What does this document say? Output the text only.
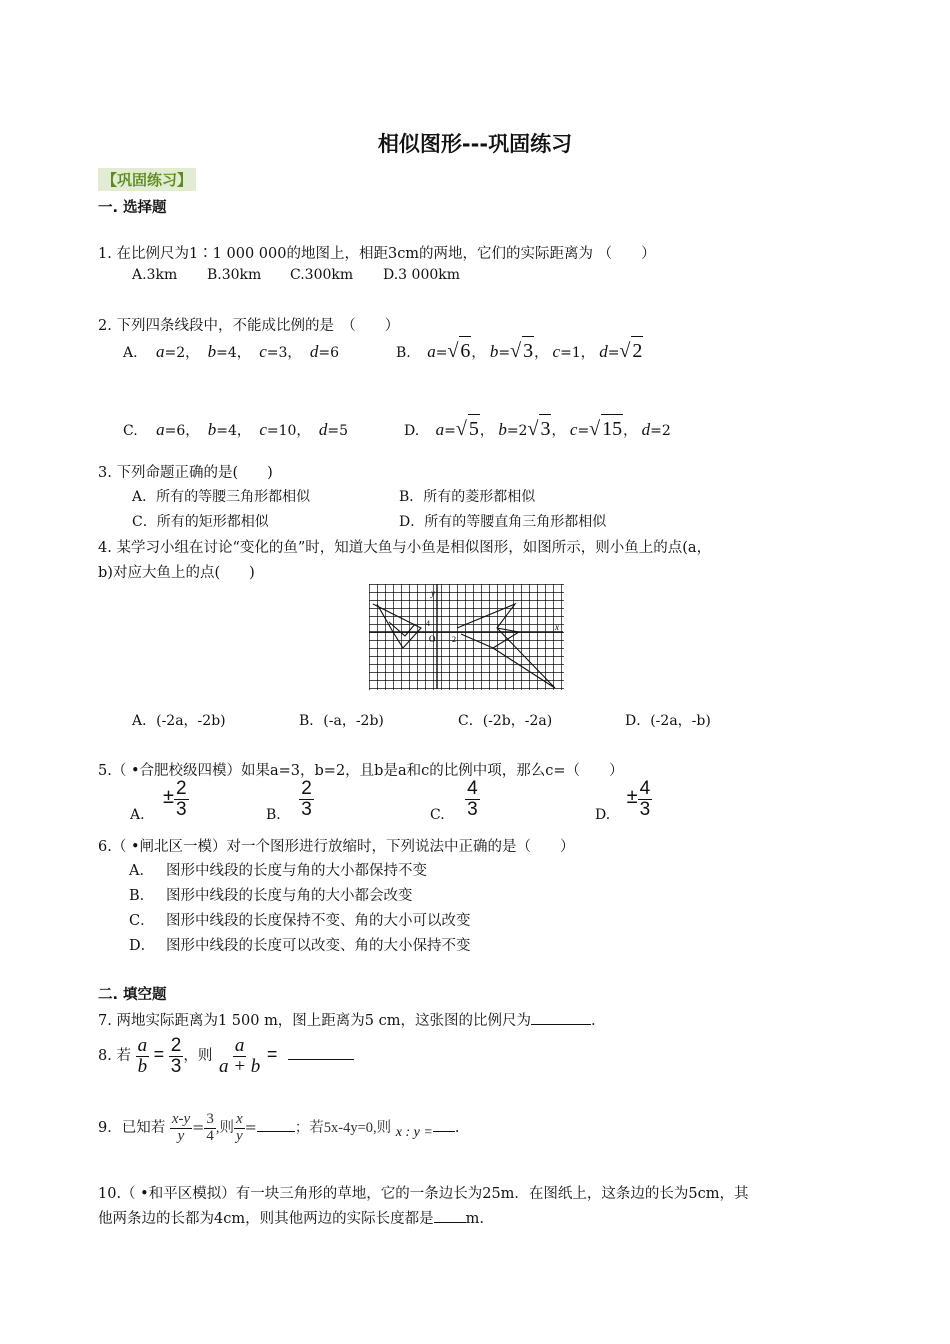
相似图形---巩固练习
【巩固练习】
一. 选择题
1. 在比例尺为1∶1 000 000的地图上，相距3cm的两地，它们的实际距离为 （　　）
A.3km B.30km C.300km D.3 000km
2. 下列四条线段中，不能成比例的是　（　　）
A. a=2， b=4， c=3， d=6	B. a=√ 6， b=√ 3， c=1， d=√ 2
C. a=6， b=4， c=10， d=5	D. a=√ 5， b=2√ 3， c=√ 15， d=2
3. 下列命题正确的是(　　)
A．所有的等腰三角形都相似	B．所有的菱形都相似
C．所有的矩形都相似	D．所有的等腰直角三角形都相似
4. 某学习小组在讨论“变化的鱼”时，知道大鱼与小鱼是相似图形，如图所示，则小鱼上的点(a，
b)对应大鱼上的点(　　)
y
x
O 2
4
A．(-2a，-2b)	B．(-a，-2b)	C．(-2b，-2a)	D．(-2a，-b)
5.（ •合肥校级四模）如果a=3，b=2，且b是a和c的比例中项，那么c=（　　）
A. ± $\frac{2}{3}$	B. $\frac{2}{3}$	C. $\frac{4}{3}$	D. ± $\frac{4}{3}$
6.（ •闸北区一模）对一个图形进行放缩时，下列说法中正确的是（　　）
A． 图形中线段的长度与角的大小都保持不变
B． 图形中线段的长度与角的大小都会改变
C． 图形中线段的长度保持不变、角的大小可以改变
D． 图形中线段的长度可以改变、角的大小保持不变
二. 填空题
7. 两地实际距离为1 500 m，图上距离为5 cm，这张图的比例尺为	.
8. 若 $\frac{a}{b} = \frac{2}{3}$ ，则 $\frac{a}{a + b}$ =
9．已知若 $\frac{x-y}{y} = \frac{3}{4}$ ,则 $\frac{x}{y}$ =	；若5x-4y=0,则 x : y = .
10.（ •和平区模拟）有一块三角形的草地，它的一条边长为25m．在图纸上，这条边的长为5cm，其
他两条边的长都为4cm，则其他两边的实际长度都是 m.
